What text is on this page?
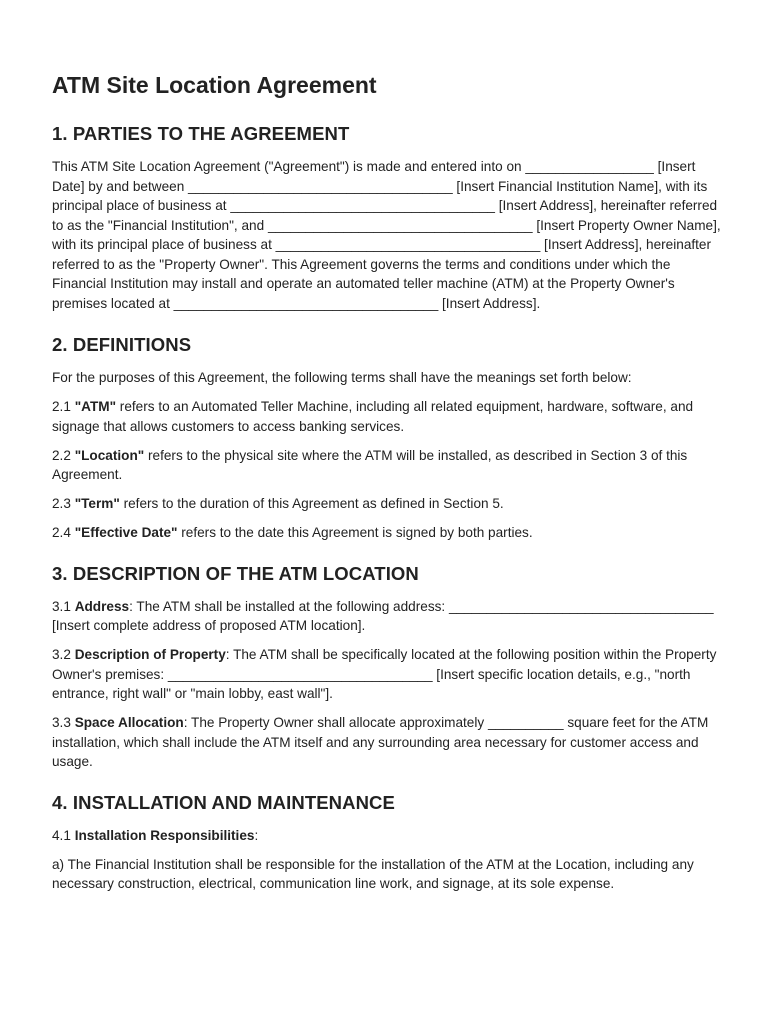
ATM Site Location Agreement
1. PARTIES TO THE AGREEMENT

This ATM Site Location Agreement ("Agreement") is made and entered into on _________________ [Insert Date] by and between ___________________________________ [Insert Financial Institution Name], with its principal place of business at ___________________________________ [Insert Address], hereinafter referred to as the "Financial Institution", and ___________________________________ [Insert Property Owner Name], with its principal place of business at ___________________________________ [Insert Address], hereinafter referred to as the "Property Owner". This Agreement governs the terms and conditions under which the Financial Institution may install and operate an automated teller machine (ATM) at the Property Owner's premises located at ___________________________________ [Insert Address].

2. DEFINITIONS

For the purposes of this Agreement, the following terms shall have the meanings set forth below:

2.1 "ATM" refers to an Automated Teller Machine, including all related equipment, hardware, software, and signage that allows customers to access banking services.

2.2 "Location" refers to the physical site where the ATM will be installed, as described in Section 3 of this Agreement.

2.3 "Term" refers to the duration of this Agreement as defined in Section 5.

2.4 "Effective Date" refers to the date this Agreement is signed by both parties.

3. DESCRIPTION OF THE ATM LOCATION

3.1 Address: The ATM shall be installed at the following address: ___________________________________ [Insert complete address of proposed ATM location].

3.2 Description of Property: The ATM shall be specifically located at the following position within the Property Owner's premises: ___________________________________ [Insert specific location details, e.g., "north entrance, right wall" or "main lobby, east wall"].

3.3 Space Allocation: The Property Owner shall allocate approximately __________ square feet for the ATM installation, which shall include the ATM itself and any surrounding area necessary for customer access and usage.

4. INSTALLATION AND MAINTENANCE

4.1 Installation Responsibilities:

a) The Financial Institution shall be responsible for the installation of the ATM at the Location, including any necessary construction, electrical, communication line work, and signage, at its sole expense.
